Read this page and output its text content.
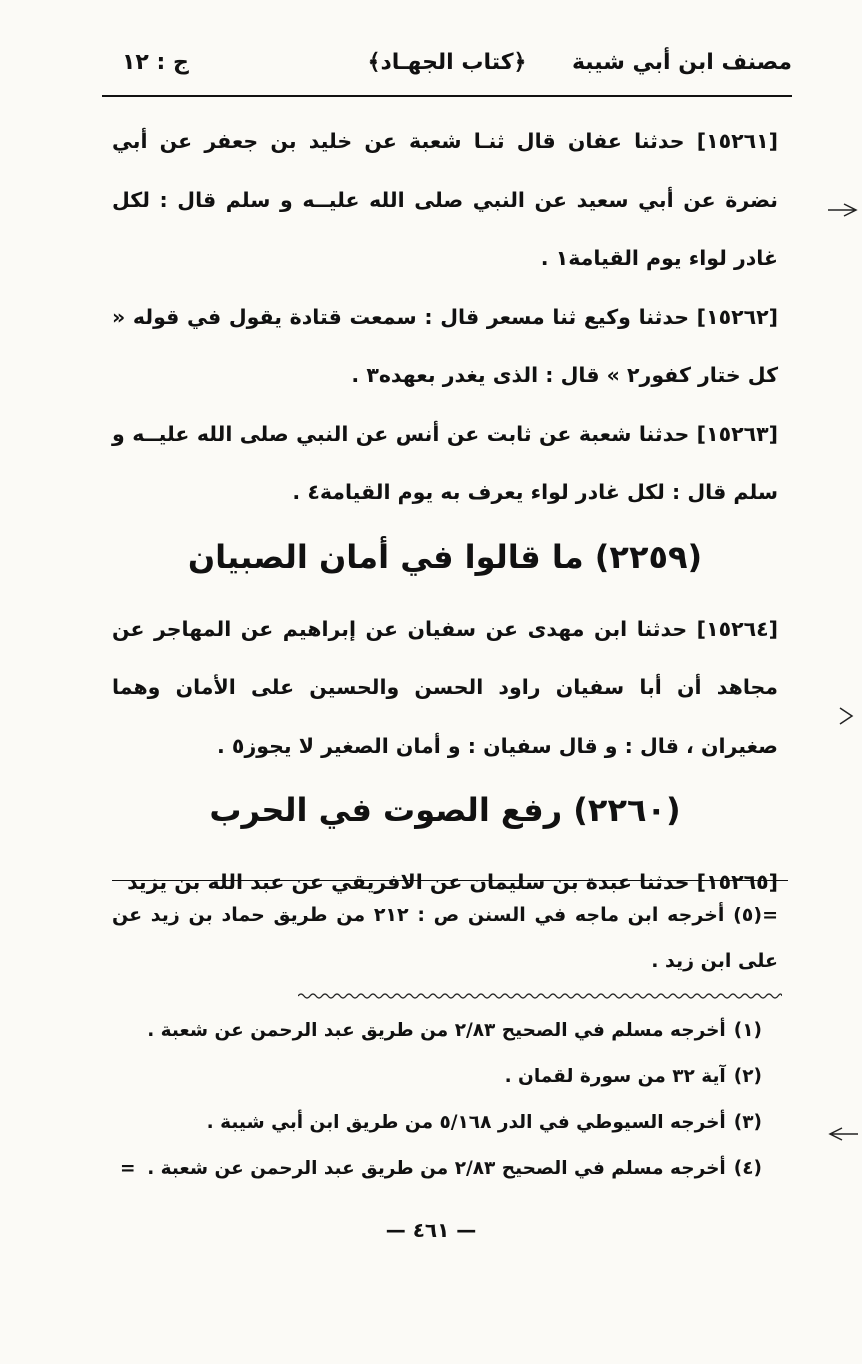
مصنف ابن أبي شيبة
﴿كتاب الجهـاد﴾
ج : ١٢

[١٥٢٦١] حدثنا عفان قال ثنـا شعبة عن خليد بن جعفر عن أبي نضرة عن أبي سعيد عن النبي صلى الله عليــه و سلم قال : لكل غادر لواء يوم القيامة١ .

[١٥٢٦٢] حدثنا وكيع ثنا مسعر قال : سمعت قتادة يقول في قوله « كل ختار كفور٢ » قال : الذى يغدر بعهده٣ .

[١٥٢٦٣] حدثنا شعبة عن ثابت عن أنس عن النبي صلى الله عليــه و سلم قال : لكل غادر لواء يعرف به يوم القيامة٤ .

(٢٢٥٩) ما قالوا في أمان الصبيان

[١٥٢٦٤] حدثنا ابن مهدى عن سفيان عن إبراهيم عن المهاجر عن مجاهد أن أبا سفيان راود الحسن والحسين على الأمان وهما صغيران ، قال : و قال سفيان : و أمان الصغير لا يجوز٥ .

(٢٢٦٠) رفع الصوت في الحرب

[١٥٢٦٥] حدثنا عبدة بن سليمان عن الافريقي عن عبد الله بن يزيد

=(٥) أخرجه ابن ماجه في السنن ص : ٢١٢ من طريق حماد بن زيد عن على ابن زيد .
(١)أخرجه مسلم في الصحيح ٢/٨٣ من طريق عبد الرحمن عن شعبة .
(٢)آية ٣٢ من سورة لقمان .
(٣)أخرجه السيوطي في الدر ٥/١٦٨ من طريق ابن أبي شيبة .
(٤)أخرجه مسلم في الصحيح ٢/٨٣ من طريق عبد الرحمن عن شعبة .
=
— ٤٦١ —
